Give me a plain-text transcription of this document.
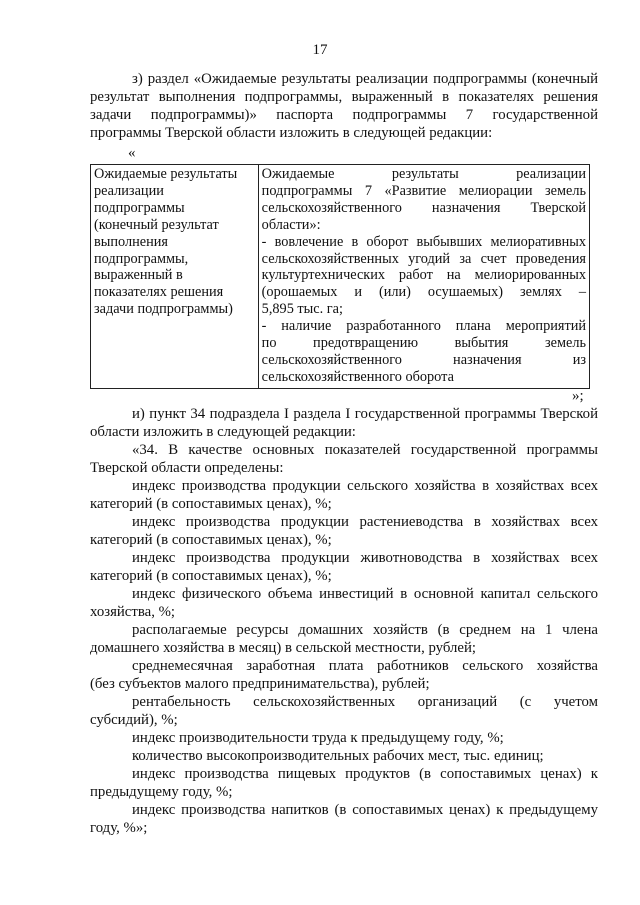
17
з) раздел «Ожидаемые результаты реализации подпрограммы (конечный
результат выполнения подпрограммы, выраженный в показателях решения
задачи подпрограммы)» паспорта подпрограммы 7 государственной
программы Тверской области изложить в следующей редакции:
«
Ожидаемые результаты
реализации
подпрограммы
(конечный результат
выполнения
подпрограммы,
выраженный в
показателях решения
задачи подпрограммы)

Ожидаемые результаты реализации
подпрограммы 7 «Развитие мелиорации земель
сельскохозяйственного назначения Тверской
области»:
- вовлечение в оборот выбывших мелиоративных
сельскохозяйственных угодий за счет проведения
культуртехнических работ на мелиорированных
(орошаемых и (или) осушаемых) землях –
5,895 тыс. га;
- наличие разработанного плана мероприятий
по предотвращению выбытия земель
сельскохозяйственного назначения из
сельскохозяйственного оборота
»;
и) пункт 34 подраздела I раздела I государственной программы Тверской
области изложить в следующей редакции:
«34. В качестве основных показателей государственной программы
Тверской области определены:
индекс производства продукции сельского хозяйства в хозяйствах всех
категорий (в сопоставимых ценах), %;
индекс производства продукции растениеводства в хозяйствах всех
категорий (в сопоставимых ценах), %;
индекс производства продукции животноводства в хозяйствах всех
категорий (в сопоставимых ценах), %;
индекс физического объема инвестиций в основной капитал сельского
хозяйства, %;
располагаемые ресурсы домашних хозяйств (в среднем на 1 члена
домашнего хозяйства в месяц) в сельской местности, рублей;
среднемесячная заработная плата работников сельского хозяйства
(без субъектов малого предпринимательства), рублей;
рентабельность сельскохозяйственных организаций (с учетом
субсидий), %;
индекс производительности труда к предыдущему году, %;
количество высокопроизводительных рабочих мест, тыс. единиц;
индекс производства пищевых продуктов (в сопоставимых ценах) к
предыдущему году, %;
индекс производства напитков (в сопоставимых ценах) к предыдущему
году, %»;
